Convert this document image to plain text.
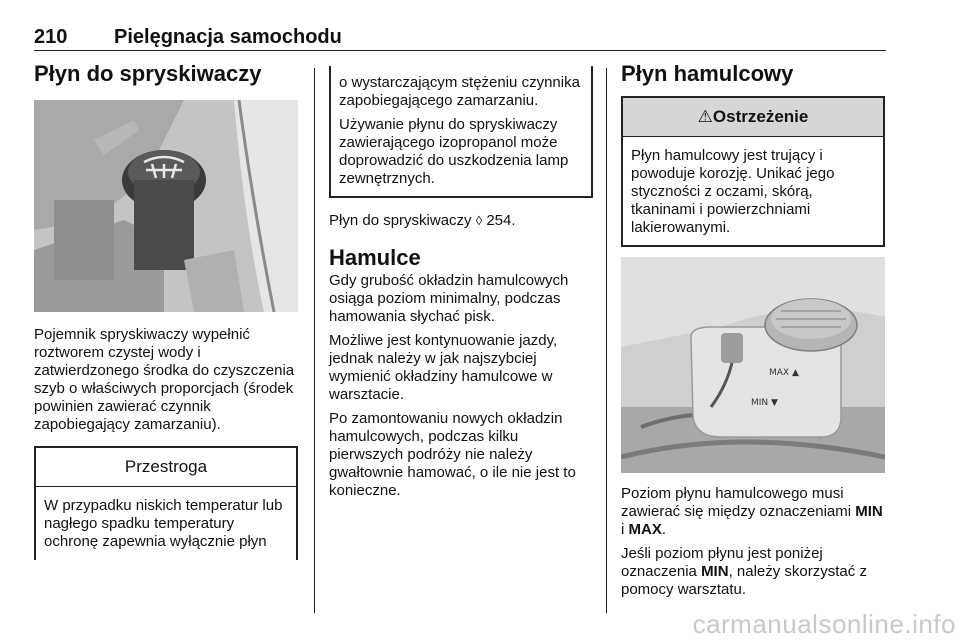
210 Pielęgnacja samochodu
Płyn do spryskiwaczy

Pojemnik spryskiwaczy wypełnić roztworem czystej wody i zatwierdzonego środka do czyszczenia szyb o właściwych proporcjach (środek powinien zawierać czynnik zapobiegający zamarzaniu).

Przestroga

W przypadku niskich temperatur lub nagłego spadku temperatury ochronę zapewnia wyłącznie płyn

o wystarczającym stężeniu czynnika zapobiegającego zamarzaniu.

Używanie płynu do spryskiwaczy zawierającego izopropanol może doprowadzić do uszkodzenia lamp zewnętrznych.

Płyn do spryskiwaczy ◊ 254.

Hamulce

Gdy grubość okładzin hamulcowych osiąga poziom minimalny, podczas hamowania słychać pisk.

Możliwe jest kontynuowanie jazdy, jednak należy w jak najszybciej wymienić okładziny hamulcowe w warsztacie.

Po zamontowaniu nowych okładzin hamulcowych, podczas kilku pierwszych podróży nie należy gwałtownie hamować, o ile nie jest to konieczne.

Płyn hamulcowy
⚠Ostrzeżenie

Płyn hamulcowy jest trujący i powoduje korozję. Unikać jego styczności z oczami, skórą, tkaninami i powierzchniami lakierowanymi.

MAX ▲
MIN ▼

Poziom płynu hamulcowego musi zawierać się między oznaczeniami MIN i MAX.

Jeśli poziom płynu jest poniżej oznaczenia MIN, należy skorzystać z pomocy warsztatu.

carmanualsonline.info
